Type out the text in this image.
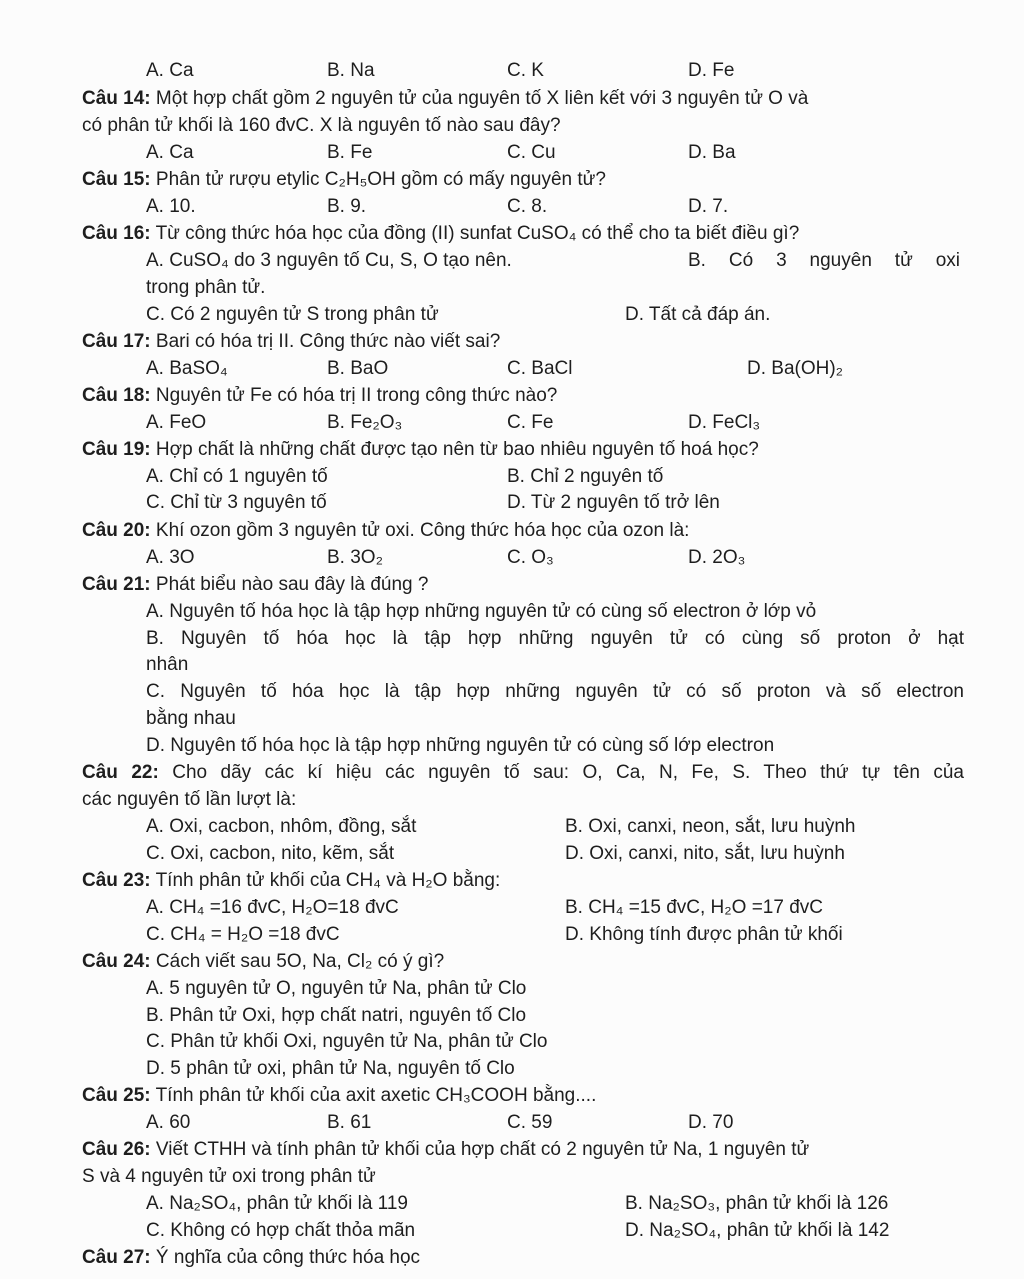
A. Ca	B. Na	C. K	D. Fe
Câu 14: Một hợp chất gồm 2 nguyên tử của nguyên tố X liên kết với 3 nguyên tử O và
có phân tử khối là 160 đvC. X là nguyên tố nào sau đây?
A. Ca	B. Fe	C. Cu	D. Ba
Câu 15: Phân tử rượu etylic C₂H₅OH gồm có mấy nguyên tử?
A. 10.	B. 9.	C. 8.	D. 7.
Câu 16: Từ công thức hóa học của đồng (II) sunfat CuSO₄ có thể cho ta biết điều gì?
A. CuSO₄ do 3 nguyên tố Cu, S, O tạo nên.	B. Có 3 nguyên tử oxi
trong phân tử.
C. Có 2 nguyên tử S trong phân tử	D. Tất cả đáp án.
Câu 17: Bari có hóa trị II. Công thức nào viết sai?
A. BaSO₄	B. BaO	C. BaCl	D. Ba(OH)₂
Câu 18: Nguyên tử Fe có hóa trị II trong công thức nào?
A. FeO	B. Fe₂O₃	C. Fe	D. FeCl₃
Câu 19: Hợp chất là những chất được tạo nên từ bao nhiêu nguyên tố hoá học?
A. Chỉ có 1 nguyên tố	B. Chỉ 2 nguyên tố
C. Chỉ từ 3 nguyên tố	D. Từ 2 nguyên tố trở lên
Câu 20: Khí ozon gồm 3 nguyên tử oxi. Công thức hóa học của ozon là:
A. 3O	B. 3O₂	C. O₃	D. 2O₃
Câu 21: Phát biểu nào sau đây là đúng ?
A. Nguyên tố hóa học là tập hợp những nguyên tử có cùng số electron ở lớp vỏ
B. Nguyên tố hóa học là tập hợp những nguyên tử có cùng số proton ở hạt
nhân
C. Nguyên tố hóa học là tập hợp những nguyên tử có số proton và số electron
bằng nhau
D. Nguyên tố hóa học là tập hợp những nguyên tử có cùng số lớp electron
Câu 22: Cho dãy các kí hiệu các nguyên tố sau: O, Ca, N, Fe, S. Theo thứ tự tên của
các nguyên tố lần lượt là:
A. Oxi, cacbon, nhôm, đồng, sắt	B. Oxi, canxi, neon, sắt, lưu huỳnh
C. Oxi, cacbon, nito, kẽm, sắt	D. Oxi, canxi, nito, sắt, lưu huỳnh
Câu 23: Tính phân tử khối của CH₄ và H₂O bằng:
A. CH₄ =16 đvC, H₂O=18 đvC	B. CH₄ =15 đvC, H₂O =17 đvC
C. CH₄ = H₂O =18 đvC	D. Không tính được phân tử khối
Câu 24: Cách viết sau 5O, Na, Cl₂ có ý gì?
A. 5 nguyên tử O, nguyên tử Na, phân tử Clo
B. Phân tử Oxi, hợp chất natri, nguyên tố Clo
C. Phân tử khối Oxi, nguyên tử Na, phân tử Clo
D. 5 phân tử oxi, phân tử Na, nguyên tố Clo
Câu 25: Tính phân tử khối của axit axetic CH₃COOH bằng....
A. 60	B. 61	C. 59	D. 70
Câu 26: Viết CTHH và tính phân tử khối của hợp chất có 2 nguyên tử Na, 1 nguyên tử
S và 4 nguyên tử oxi trong phân tử
A. Na₂SO₄, phân tử khối là 119	B. Na₂SO₃, phân tử khối là 126
C. Không có hợp chất thỏa mãn	D. Na₂SO₄, phân tử khối là 142
Câu 27: Ý nghĩa của công thức hóa học
